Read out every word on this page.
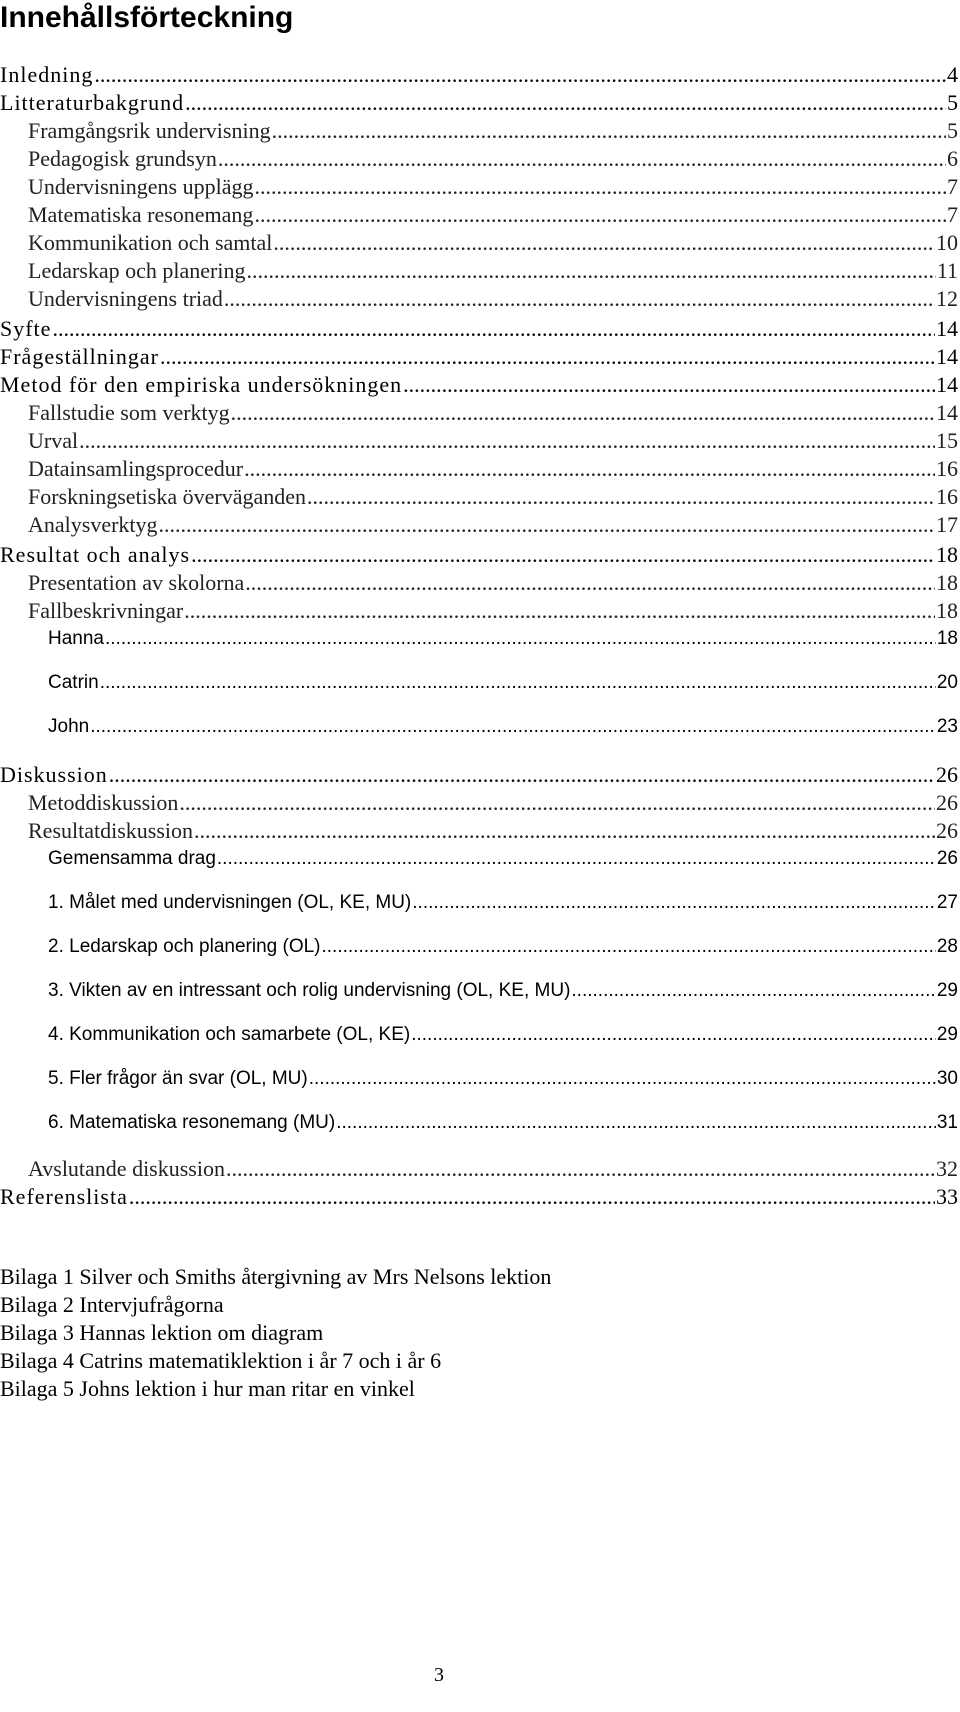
Innehållsförteckning
Inledning .....	4
Litteraturbakgrund .....	5
Framgångsrik undervisning .....	5
Pedagogisk grundsyn .....	6
Undervisningens upplägg .....	7
Matematiska resonemang .....	7
Kommunikation och samtal .....	10
Ledarskap och planering .....	11
Undervisningens triad .....	12
Syfte .....	14
Frågeställningar .....	14
Metod för den empiriska undersökningen .....	14
Fallstudie som verktyg .....	14
Urval .....	15
Datainsamlingsprocedur .....	16
Forskningsetiska överväganden .....	16
Analysverktyg .....	17
Resultat och analys .....	18
Presentation av skolorna .....	18
Fallbeskrivningar .....	18
Hanna .....	18
Catrin .....	20
John .....	23
Diskussion .....	26
Metoddiskussion .....	26
Resultatdiskussion .....	26
Gemensamma drag .....	26
1. Målet med undervisningen (OL, KE, MU) .....	27
2. Ledarskap och planering (OL) .....	28
3. Vikten av en intressant och rolig undervisning (OL, KE, MU) .....	29
4. Kommunikation och samarbete (OL, KE) .....	29
5. Fler frågor än svar (OL, MU) .....	30
6. Matematiska resonemang (MU) .....	31
Avslutande diskussion .....	32
Referenslista .....	33
Bilaga 1 Silver och Smiths återgivning av Mrs Nelsons lektion
Bilaga 2 Intervjufrågorna
Bilaga 3 Hannas lektion om diagram
Bilaga 4 Catrins matematiklektion i år 7 och i år 6
Bilaga 5 Johns lektion i hur man ritar en vinkel
3
